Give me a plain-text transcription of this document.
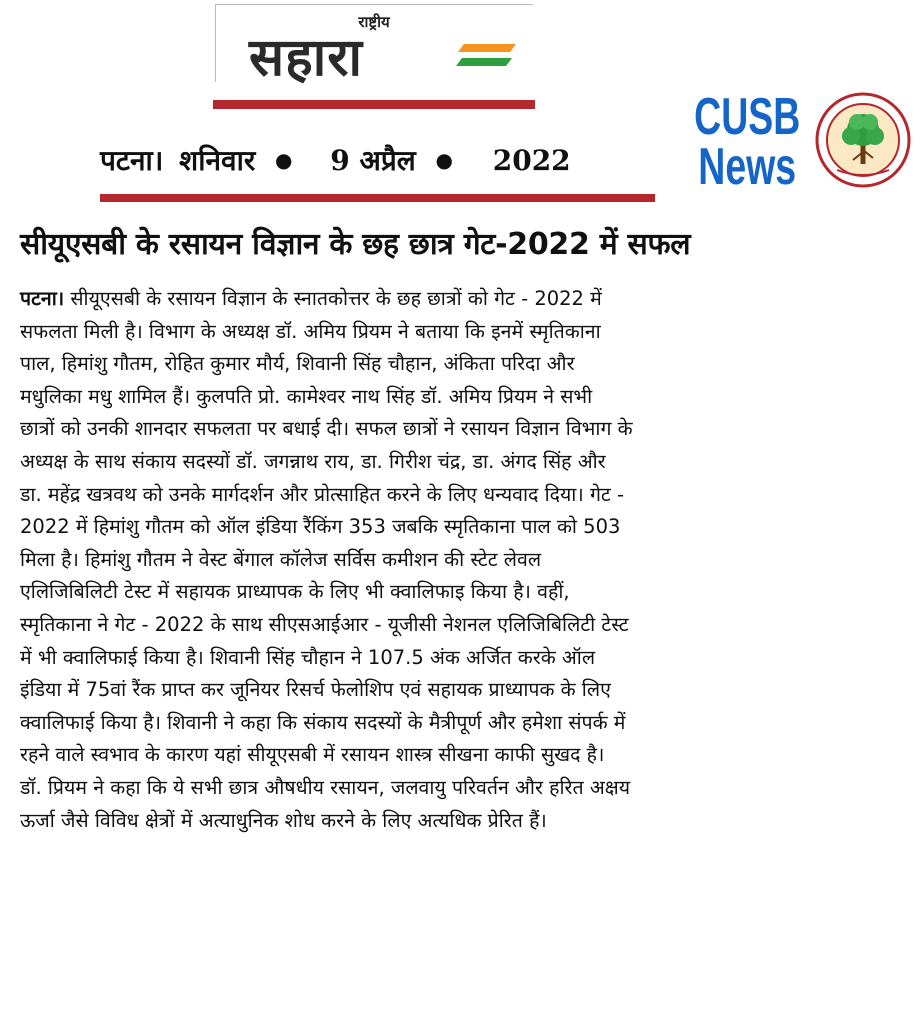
राष्ट्रीय
सहारा
पटना। शनिवार ● 9 अप्रैल ● 2022
CUSB
News
सीयूएसबी के रसायन विज्ञान के छह छात्र गेट-2022 में सफल

पटना। सीयूएसबी के रसायन विज्ञान के स्नातकोत्तर के छह छात्रों को गेट - 2022 में

सफलता मिली है। विभाग के अध्यक्ष डॉ. अमिय प्रियम ने बताया कि इनमें स्मृतिकाना

पाल, हिमांशु गौतम, रोहित कुमार मौर्य, शिवानी सिंह चौहान, अंकिता परिदा और

मधुलिका मधु शामिल हैं। कुलपति प्रो. कामेश्वर नाथ सिंह डॉ. अमिय प्रियम ने सभी

छात्रों को उनकी शानदार सफलता पर बधाई दी। सफल छात्रों ने रसायन विज्ञान विभाग के

अध्यक्ष के साथ संकाय सदस्यों डॉ. जगन्नाथ राय, डा. गिरीश चंद्र, डा. अंगद सिंह और

डा. महेंद्र खत्रवथ को उनके मार्गदर्शन और प्रोत्साहित करने के लिए धन्यवाद दिया। गेट -

2022 में हिमांशु गौतम को ऑल इंडिया रैंकिंग 353 जबकि स्मृतिकाना पाल को 503

मिला है। हिमांशु गौतम ने वेस्ट बेंगाल कॉलेज सर्विस कमीशन की स्टेट लेवल

एलिजिबिलिटी टेस्ट में सहायक प्राध्यापक के लिए भी क्वालिफाइ किया है। वहीं,

स्मृतिकाना ने गेट - 2022 के साथ सीएसआईआर - यूजीसी नेशनल एलिजिबिलिटी टेस्ट

में भी क्वालिफाई किया है। शिवानी सिंह चौहान ने 107.5 अंक अर्जित करके ऑल

इंडिया में 75वां रैंक प्राप्त कर जूनियर रिसर्च फेलोशिप एवं सहायक प्राध्यापक के लिए

क्वालिफाई किया है। शिवानी ने कहा कि संकाय सदस्यों के मैत्रीपूर्ण और हमेशा संपर्क में

रहने वाले स्वभाव के कारण यहां सीयूएसबी में रसायन शास्त्र सीखना काफी सुखद है।

डॉ. प्रियम ने कहा कि ये सभी छात्र औषधीय रसायन, जलवायु परिवर्तन और हरित अक्षय

ऊर्जा जैसे विविध क्षेत्रों में अत्याधुनिक शोध करने के लिए अत्यधिक प्रेरित हैं।
